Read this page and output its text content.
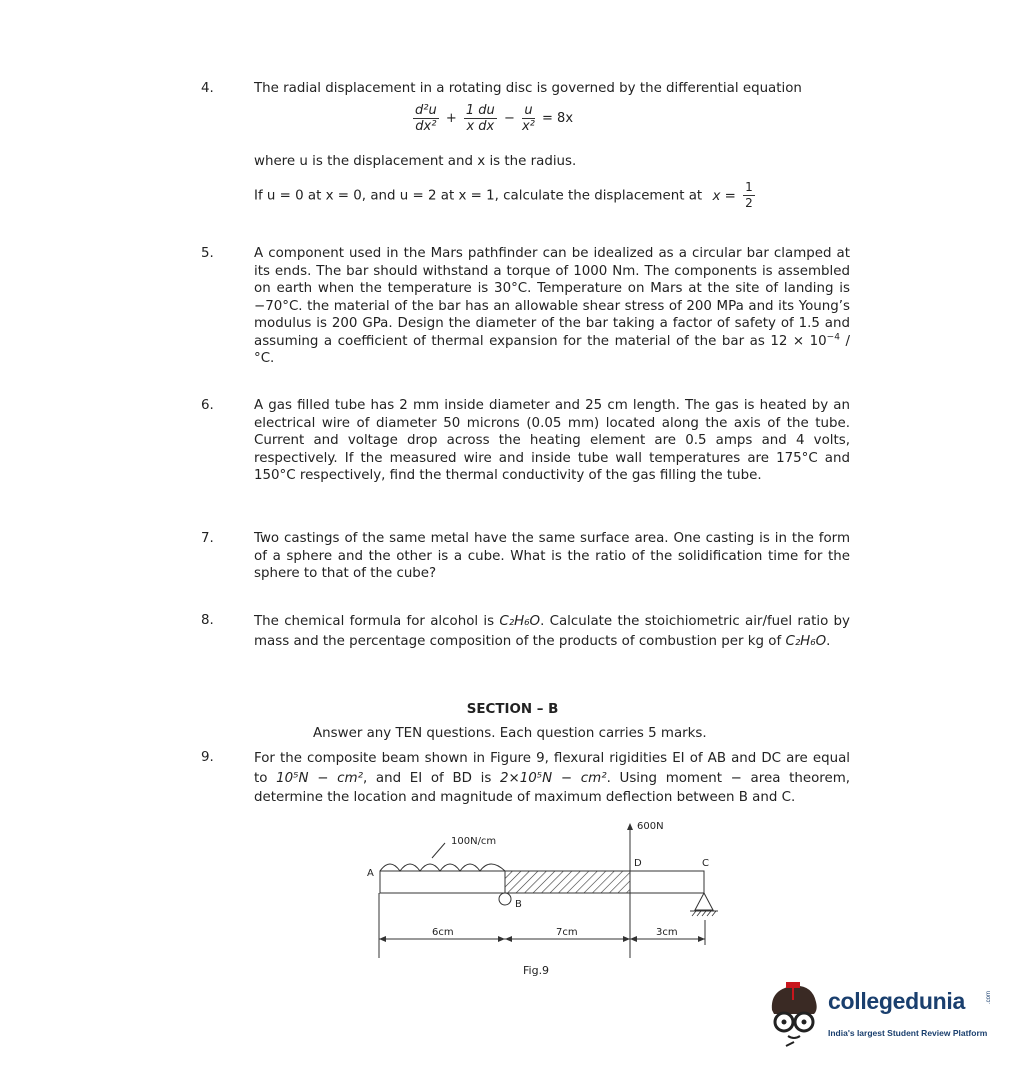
4.	The radial displacement in a rotating disc is governed by the differential equation
$\frac{\text{d²u}}{\text{dx²}} + \frac{1 du}{\text{x dx}} - \frac{u}{\text{x²}} = 8x$
where u is the displacement and x is the radius.
If u = 0 at x = 0, and u = 2 at x = 1, calculate the displacement at $x = \frac{1}{2}$
5.	A component used in the Mars pathfinder can be idealized as a circular bar clamped at its ends. The bar should withstand a torque of 1000 Nm. The components is assembled on earth when the temperature is 30°C. Temperature on Mars at the site of landing is −70°C. the material of the bar has an allowable shear stress of 200 MPa and its Young’s modulus is 200 GPa. Design the diameter of the bar taking a factor of safety of 1.5 and assuming a coefficient of thermal expansion for the material of the bar as $12 \times 10^{-4}$ /°C.
6.	A gas filled tube has 2 mm inside diameter and 25 cm length. The gas is heated by an electrical wire of diameter 50 microns (0.05 mm) located along the axis of the tube. Current and voltage drop across the heating element are 0.5 amps and 4 volts, respectively. If the measured wire and inside tube wall temperatures are 175°C and 150°C respectively, find the thermal conductivity of the gas filling the tube.
7.	Two castings of the same metal have the same surface area. One casting is in the form of a sphere and the other is a cube. What is the ratio of the solidification time for the sphere to that of the cube?
8.	The chemical formula for alcohol is C₂H₆O. Calculate the stoichiometric air/fuel ratio by mass and the percentage composition of the products of combustion per kg of C₂H₆O.
SECTION – B
Answer any TEN questions. Each question carries 5 marks.
9.	For the composite beam shown in Figure 9, flexural rigidities EI of AB and DC are equal to 10⁵N − cm², and EI of BD is 2×10⁵N − cm². Using moment − area theorem, determine the location and magnitude of maximum deflection between B and C.
100N/cm
600N
A
B
C
D
6cm	7cm	3cm
Fig.9
collegedunia	.com
India's largest Student Review Platform
